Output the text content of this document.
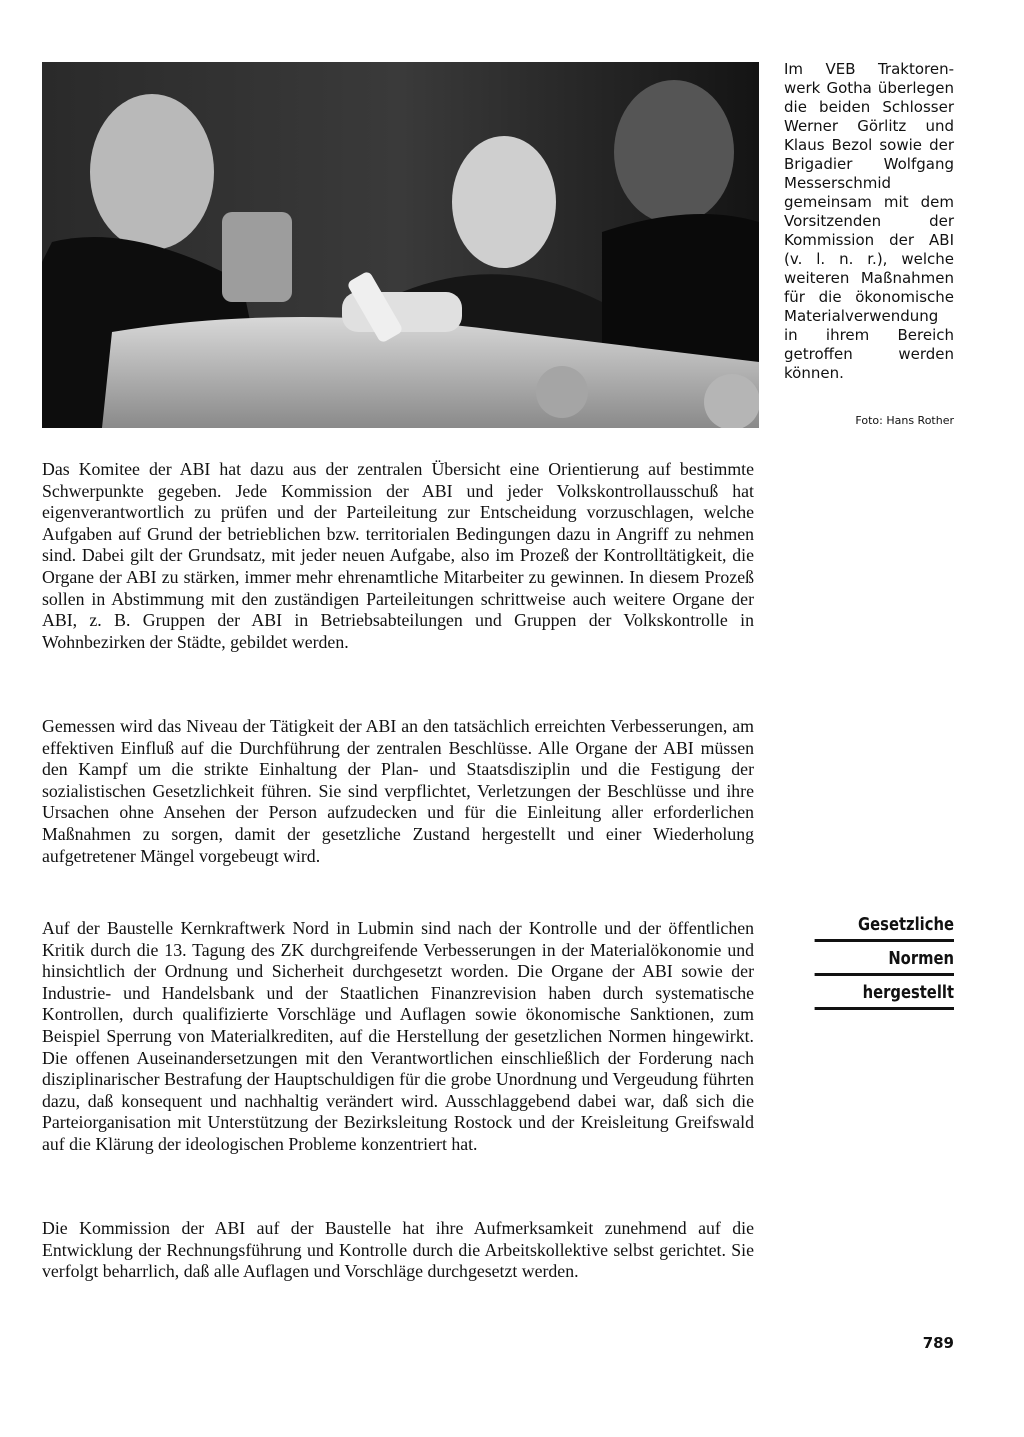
Im VEB Traktoren- werk Gotha überlegen die beiden Schlosser Werner Görlitz und Klaus Bezol sowie der Brigadier Wolfgang Messerschmid gemeinsam mit dem Vorsitzenden der Kommission der ABI (v. l. n. r.), welche weiteren Maßnahmen für die ökonomische Materialverwendung in ihrem Bereich getroffen werden können.
Foto: Hans Rother

Das Komitee der ABI hat dazu aus der zentralen Übersicht eine Orientierung auf bestimmte Schwerpunkte gegeben. Jede Kommission der ABI und jeder Volkskontrollausschuß hat eigenverantwortlich zu prüfen und der Parteileitung zur Entscheidung vorzuschlagen, welche Aufgaben auf Grund der betrieblichen bzw. territorialen Bedingungen dazu in Angriff zu nehmen sind. Dabei gilt der Grundsatz, mit jeder neuen Aufgabe, also im Prozeß der Kontrolltätigkeit, die Organe der ABI zu stärken, immer mehr ehrenamtliche Mitarbeiter zu gewinnen. In diesem Prozeß sollen in Abstimmung mit den zuständigen Parteileitungen schrittweise auch weitere Organe der ABI, z. B. Gruppen der ABI in Betriebsabteilungen und Gruppen der Volkskontrolle in Wohnbezirken der Städte, gebildet werden.

Gemessen wird das Niveau der Tätigkeit der ABI an den tatsächlich erreichten Verbesserungen, am effektiven Einfluß auf die Durchführung der zentralen Beschlüsse. Alle Organe der ABI müssen den Kampf um die strikte Einhaltung der Plan- und Staatsdisziplin und die Festigung der sozialistischen Gesetzlichkeit führen. Sie sind verpflichtet, Verletzungen der Beschlüsse und ihre Ursachen ohne Ansehen der Person aufzudecken und für die Einleitung aller erforderlichen Maßnahmen zu sorgen, damit der gesetzliche Zustand hergestellt und einer Wiederholung aufgetretener Mängel vorgebeugt wird.

Auf der Baustelle Kernkraftwerk Nord in Lubmin sind nach der Kontrolle und der öffentlichen Kritik durch die 13. Tagung des ZK durchgreifende Verbesserungen in der Materialökonomie und hinsichtlich der Ordnung und Sicherheit durchgesetzt worden. Die Organe der ABI sowie der Industrie- und Handelsbank und der Staatlichen Finanzrevision haben durch systematische Kontrollen, durch qualifizierte Vorschläge und Auflagen sowie ökonomische Sanktionen, zum Beispiel Sperrung von Materialkrediten, auf die Herstellung der gesetzlichen Normen hingewirkt. Die offenen Auseinandersetzungen mit den Verantwortlichen einschließlich der Forderung nach disziplinarischer Bestrafung der Hauptschuldigen für die grobe Unordnung und Vergeudung führten dazu, daß konsequent und nachhaltig verändert wird. Ausschlaggebend dabei war, daß sich die Parteiorganisation mit Unterstützung der Bezirksleitung Rostock und der Kreisleitung Greifswald auf die Klärung der ideologischen Probleme konzentriert hat.

Die Kommission der ABI auf der Baustelle hat ihre Aufmerksamkeit zunehmend auf die Entwicklung der Rechnungsführung und Kontrolle durch die Arbeitskollektive selbst gerichtet. Sie verfolgt beharrlich, daß alle Auflagen und Vorschläge durchgesetzt werden.

Gesetzliche
Normen
hergestellt
789
